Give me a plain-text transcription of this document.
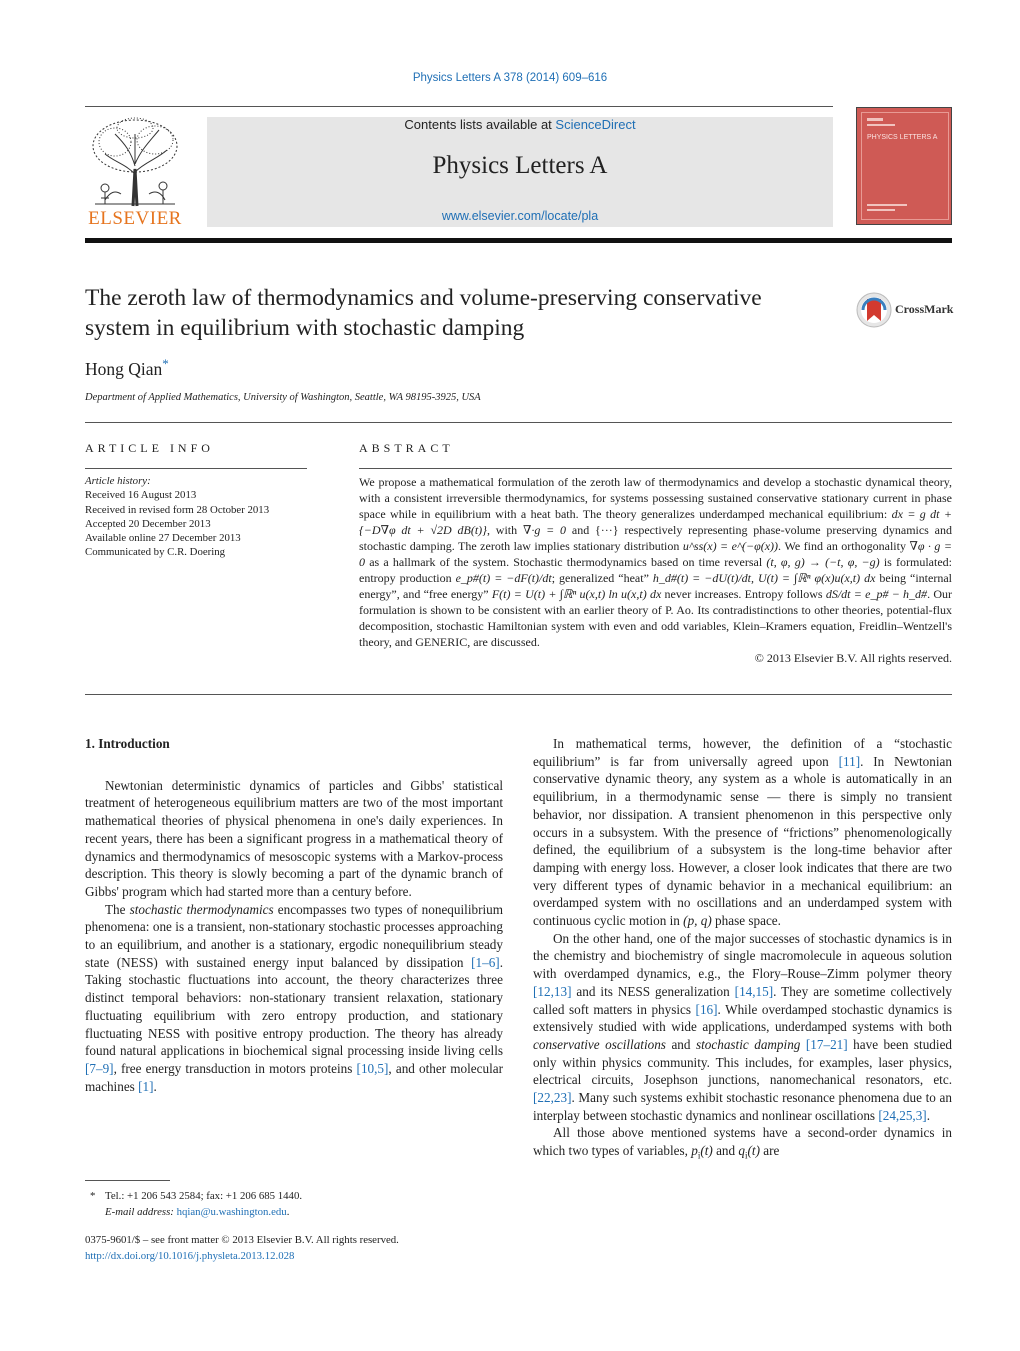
Physics Letters A 378 (2014) 609–616
ELSEVIER
Contents lists available at ScienceDirect
Physics Letters A
www.elsevier.com/locate/pla
PHYSICS LETTERS A
The zeroth law of thermodynamics and volume-preserving conservative system in equilibrium with stochastic damping
CrossMark
Hong Qian*
Department of Applied Mathematics, University of Washington, Seattle, WA 98195-3925, USA
ARTICLE INFO
Article history:
Received 16 August 2013
Received in revised form 28 October 2013
Accepted 20 December 2013
Available online 27 December 2013
Communicated by C.R. Doering
ABSTRACT
We propose a mathematical formulation of the zeroth law of thermodynamics and develop a stochastic dynamical theory, with a consistent irreversible thermodynamics, for systems possessing sustained conservative stationary current in phase space while in equilibrium with a heat bath. The theory generalizes underdamped mechanical equilibrium: dx = g dt + {−D∇φ dt + √2D dB(t)}, with ∇·g = 0 and {···} respectively representing phase-volume preserving dynamics and stochastic damping. The zeroth law implies stationary distribution u^ss(x) = e^(−φ(x)). We find an orthogonality ∇φ · g = 0 as a hallmark of the system. Stochastic thermodynamics based on time reversal (t, φ, g) → (−t, φ, −g) is formulated: entropy production e_p#(t) = −dF(t)/dt; generalized “heat” h_d#(t) = −dU(t)/dt, U(t) = ∫ℝⁿ φ(x)u(x,t) dx being “internal energy”, and “free energy” F(t) = U(t) + ∫ℝⁿ u(x,t) ln u(x,t) dx never increases. Entropy follows dS/dt = e_p# − h_d#. Our formulation is shown to be consistent with an earlier theory of P. Ao. Its contradistinctions to other theories, potential-flux decomposition, stochastic Hamiltonian system with even and odd variables, Klein–Kramers equation, Freidlin–Wentzell's theory, and GENERIC, are discussed.
© 2013 Elsevier B.V. All rights reserved.

1. Introduction

Newtonian deterministic dynamics of particles and Gibbs' statistical treatment of heterogeneous equilibrium matters are two of the most important mathematical theories of physical phenomena in one's daily experiences. In recent years, there has been a significant progress in a mathematical theory of dynamics and thermodynamics of mesoscopic systems with a Markov-process description. This theory is slowly becoming a part of the dynamic branch of Gibbs' program which had started more than a century before.

The stochastic thermodynamics encompasses two types of nonequilibrium phenomena: one is a transient, non-stationary stochastic processes approaching to an equilibrium, and another is a stationary, ergodic nonequilibrium steady state (NESS) with sustained energy input balanced by dissipation [1–6]. Taking stochastic fluctuations into account, the theory characterizes three distinct temporal behaviors: non-stationary transient relaxation, stationary fluctuating equilibrium with zero entropy production, and stationary fluctuating NESS with positive entropy production. The theory has already found natural applications in biochemical signal processing inside living cells [7–9], free energy transduction in motors proteins [10,5], and other molecular machines [1].

In mathematical terms, however, the definition of a “stochastic equilibrium” is far from universally agreed upon [11]. In Newtonian conservative dynamic theory, any system as a whole is automatically in an equilibrium, in a thermodynamic sense — there is simply no transient behavior, nor dissipation. A transient phenomenon in this perspective only occurs in a subsystem. With the presence of “frictions” phenomenologically defined, the equilibrium of a subsystem is the long-time behavior after damping with energy loss. However, a closer look indicates that there are two very different types of dynamic behavior in a mechanical equilibrium: an overdamped system with no oscillations and an underdamped system with continuous cyclic motion in (p, q) phase space.

On the other hand, one of the major successes of stochastic dynamics is in the chemistry and biochemistry of single macromolecule in aqueous solution with overdamped dynamics, e.g., the Flory–Rouse–Zimm polymer theory [12,13] and its NESS generalization [14,15]. They are sometime collectively called soft matters in physics [16]. While overdamped stochastic dynamics is extensively studied with wide applications, underdamped systems with both conservative oscillations and stochastic damping [17–21] have been studied only within physics community. This includes, for examples, laser physics, electrical circuits, Josephson junctions, nanomechanical resonators, etc. [22,23]. Many such systems exhibit stochastic resonance phenomena due to an interplay between stochastic dynamics and nonlinear oscillations [24,25,3].

All those above mentioned systems have a second-order dynamics in which two types of variables, $p_i(t)$ and $q_i(t)$ are

* Tel.: +1 206 543 2584; fax: +1 206 685 1440.
E-mail address: hqian@u.washington.edu.
0375-9601/$ – see front matter © 2013 Elsevier B.V. All rights reserved.
http://dx.doi.org/10.1016/j.physleta.2013.12.028
